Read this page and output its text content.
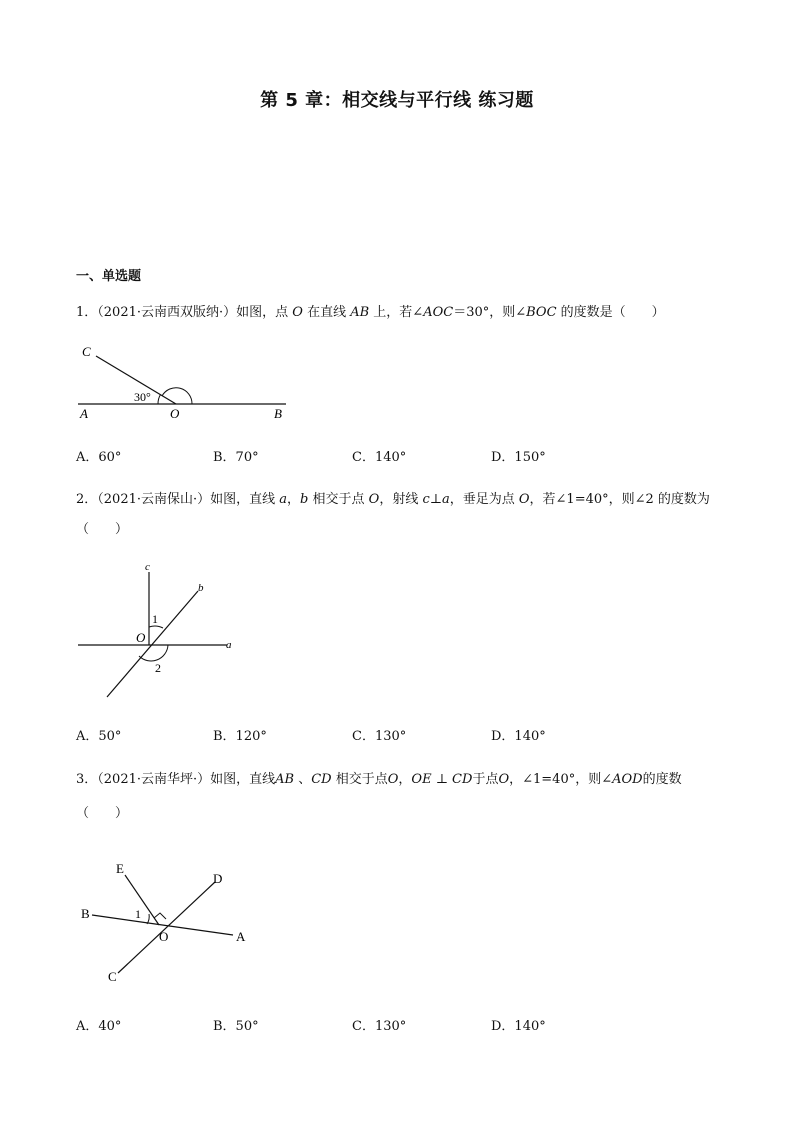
第 5 章：相交线与平行线 练习题
一、单选题
1．（2021·云南西双版纳·）如图，点 O 在直线 AB 上，若∠AOC＝30°，则∠BOC 的度数是（　　）
C
A	O	B
30°
A．60°	B．70°	C．140°	D．150°
2．（2021·云南保山·）如图，直线 a，b 相交于点 O，射线 c⊥a，垂足为点 O，若∠1=40°，则∠2 的度数为
（　　）
c
b
a
O
1
2
A．50°	B．120°	C．130°	D．140°
3．（2021·云南华坪·）如图，直线AB 、CD 相交于点O，OE ⊥ CD于点O，∠1=40°，则∠AOD的度数
（　　）
E
D
B	1
O	A
C
A．40°	B．50°	C．130°	D．140°
